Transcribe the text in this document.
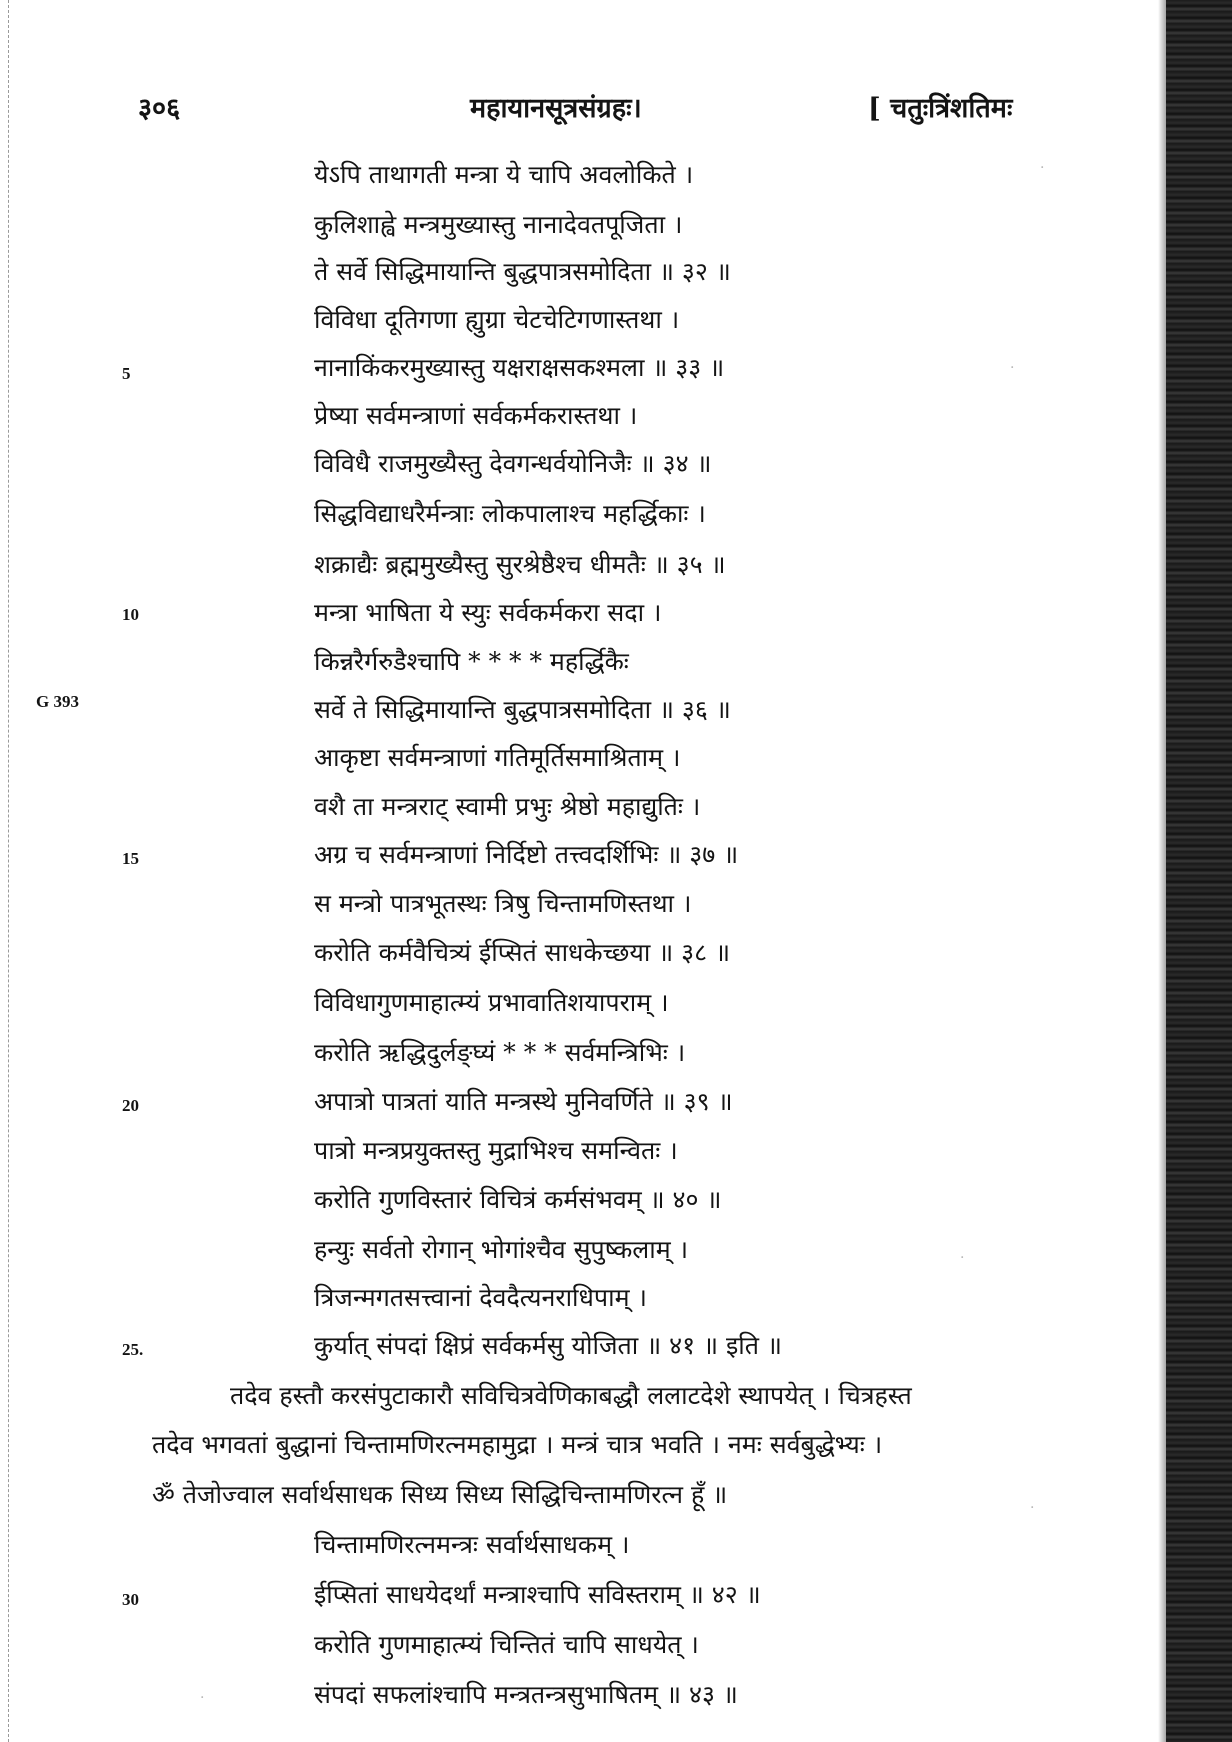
३०६	महायानसूत्रसंग्रहः।	[ चतुःत्रिंशतिमः
येऽपि ताथागती मन्त्रा ये चापि अवलोकिते ।
कुलिशाह्वे मन्त्रमुख्यास्तु नानादेवतपूजिता ।
ते सर्वे सिद्धिमायान्ति बुद्धपात्रसमोदिता ॥ ३२ ॥
विविधा दूतिगणा ह्युग्रा चेटचेटिगणास्तथा ।
नानाकिंकरमुख्यास्तु यक्षराक्षसकश्मला ॥ ३३ ॥
प्रेष्या सर्वमन्त्राणां सर्वकर्मकरास्तथा ।
विविधै राजमुख्यैस्तु देवगन्धर्वयोनिजैः ॥ ३४ ॥
सिद्धविद्याधरैर्मन्त्राः लोकपालाश्च महर्द्धिकाः ।
शक्राद्यैः ब्रह्ममुख्यैस्तु सुरश्रेष्ठैश्च धीमतैः ॥ ३५ ॥
मन्त्रा भाषिता ये स्युः सर्वकर्मकरा सदा ।
किन्नरैर्गरुडैश्चापि * * * * महर्द्धिकैः
सर्वे ते सिद्धिमायान्ति बुद्धपात्रसमोदिता ॥ ३६ ॥
आकृष्टा सर्वमन्त्राणां गतिमूर्तिसमाश्रिताम् ।
वशै ता मन्त्रराट् स्वामी प्रभुः श्रेष्ठो महाद्युतिः ।
अग्र च सर्वमन्त्राणां निर्दिष्टो तत्त्वदर्शिभिः ॥ ३७ ॥
स मन्त्रो पात्रभूतस्थः त्रिषु चिन्तामणिस्तथा ।
करोति कर्मवैचित्र्यं ईप्सितं साधकेच्छया ॥ ३८ ॥
विविधागुणमाहात्म्यं प्रभावातिशयापराम् ।
करोति ऋद्धिदुर्लङ्घ्यं * * * सर्वमन्त्रिभिः ।
अपात्रो पात्रतां याति मन्त्रस्थे मुनिवर्णिते ॥ ३९ ॥
पात्रो मन्त्रप्रयुक्तस्तु मुद्राभिश्च समन्वितः ।
करोति गुणविस्तारं विचित्रं कर्मसंभवम् ॥ ४० ॥
हन्युः सर्वतो रोगान् भोगांश्चैव सुपुष्कलाम् ।
त्रिजन्मगतसत्त्वानां देवदैत्यनराधिपाम् ।
कुर्यात् संपदां क्षिप्रं सर्वकर्मसु योजिता ॥ ४१ ॥ इति ॥
तदेव हस्तौ करसंपुटाकारौ सविचित्रवेणिकाबद्धौ ललाटदेशे स्थापयेत् । चित्रहस्त
तदेव भगवतां बुद्धानां चिन्तामणिरत्नमहामुद्रा । मन्त्रं चात्र भवति । नमः सर्वबुद्धेभ्यः ।
ॐ तेजोज्वाल सर्वार्थसाधक सिध्य सिध्य सिद्धिचिन्तामणिरत्न हूँ ॥
चिन्तामणिरत्नमन्त्रः सर्वार्थसाधकम् ।
ईप्सितां साधयेदर्थां मन्त्राश्चापि सविस्तराम् ॥ ४२ ॥
करोति गुणमाहात्म्यं चिन्तितं चापि साधयेत् ।
संपदां सफलांश्चापि मन्त्रतन्त्रसुभाषितम् ॥ ४३ ॥
5
10
15
20
25.
30
G 393
·
·
·
·
·
